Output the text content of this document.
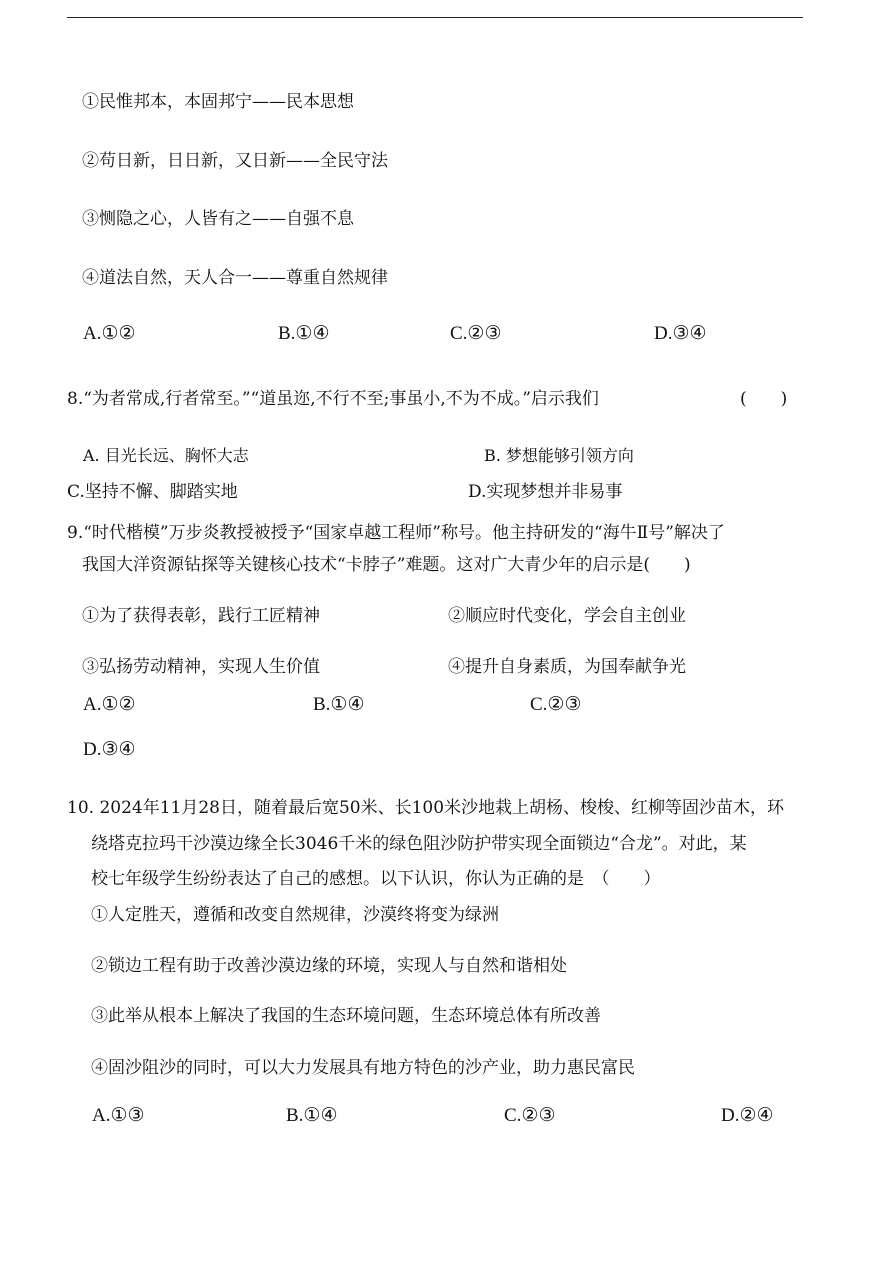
①民惟邦本，本固邦宁——民本思想
②苟日新，日日新，又日新——全民守法
③恻隐之心，人皆有之——自强不息
④道法自然，天人合一——尊重自然规律
A.①②	B.①④	C.②③	D.③④
8.“为者常成,行者常至。”“道虽迩,不行不至;事虽小,不为不成。”启示我们	(　　)
A. 目光长远、胸怀大志	B. 梦想能够引领方向
C.坚持不懈、脚踏实地	D.实现梦想并非易事
9.“时代楷模”万步炎教授被授予“国家卓越工程师”称号。他主持研发的“海牛Ⅱ号”解决了
我国大洋资源钻探等关键核心技术“卡脖子”难题。这对广大青少年的启示是(　　)
①为了获得表彰，践行工匠精神	②顺应时代变化，学会自主创业
③弘扬劳动精神，实现人生价值	④提升自身素质，为国奉献争光
A.①②	B.①④	C.②③
D.③④
10. 2024年11月28日，随着最后宽50米、长100米沙地栽上胡杨、梭梭、红柳等固沙苗木，环
绕塔克拉玛干沙漠边缘全长3046千米的绿色阻沙防护带实现全面锁边“合龙”。对此，某
校七年级学生纷纷表达了自己的感想。以下认识，你认为正确的是　（　　）
①人定胜天，遵循和改变自然规律，沙漠终将变为绿洲
②锁边工程有助于改善沙漠边缘的环境，实现人与自然和谐相处
③此举从根本上解决了我国的生态环境问题，生态环境总体有所改善
④固沙阻沙的同时，可以大力发展具有地方特色的沙产业，助力惠民富民
A.①③	B.①④	C.②③	D.②④
